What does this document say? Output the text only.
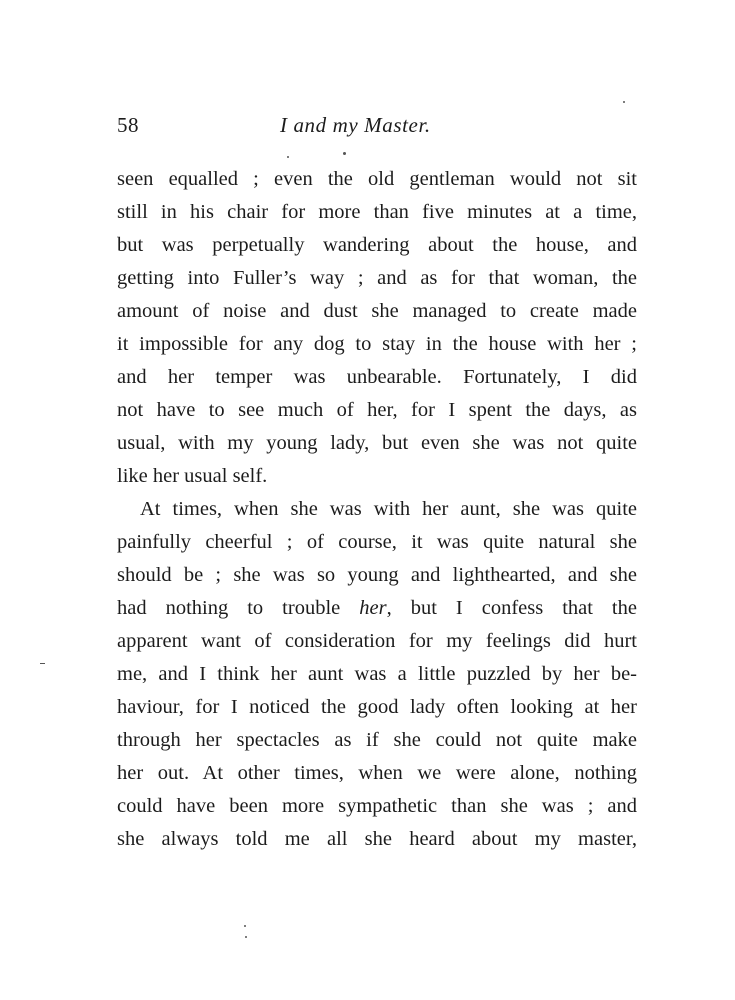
58	I and my Master.
seen equalled ; even the old gentleman would not sit
still in his chair for more than five minutes at a time,
but was perpetually wandering about the house, and
getting into Fuller’s way ; and as for that woman, the
amount of noise and dust she managed to create made
it impossible for any dog to stay in the house with her ;
and her temper was unbearable. Fortunately, I did
not have to see much of her, for I spent the days, as
usual, with my young lady, but even she was not quite
like her usual self.
At times, when she was with her aunt, she was quite
painfully cheerful ; of course, it was quite natural she
should be ; she was so young and lighthearted, and she
had nothing to trouble her, but I confess that the
apparent want of consideration for my feelings did hurt
me, and I think her aunt was a little puzzled by her be-
haviour, for I noticed the good lady often looking at her
through her spectacles as if she could not quite make
her out. At other times, when we were alone, nothing
could have been more sympathetic than she was ; and
she always told me all she heard about my master,
